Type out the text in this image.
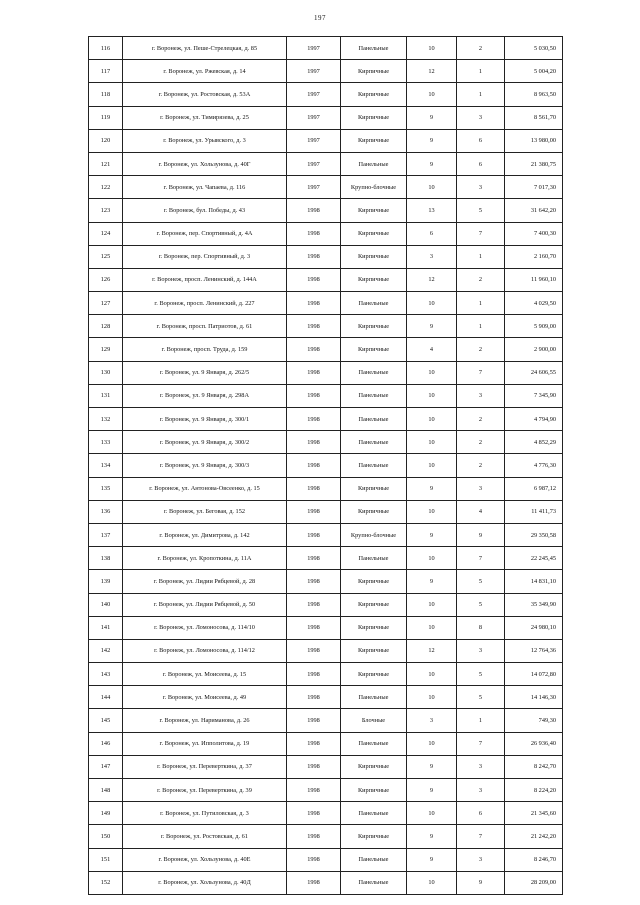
197
116	г. Воронеж, ул. Пеше-Стрелецкая, д. 85	1997	Панельные	10	2	5 030,50
117	г. Воронеж, ул. Ржевская, д. 14	1997	Кирпичные	12	1	5 004,20
118	г. Воронеж, ул. Ростовская, д. 53А	1997	Кирпичные	10	1	8 963,50
119	г. Воронеж, ул. Тимирязева, д. 25	1997	Кирпичные	9	3	8 561,70
120	г. Воронеж, ул. Урывского, д. 3	1997	Кирпичные	9	6	13 980,00
121	г. Воронеж, ул. Хользунова, д. 40Г	1997	Панельные	9	6	21 380,75
122	г. Воронеж, ул. Чапаева, д. 116	1997	Крупно-блочные	10	3	7 017,30
123	г. Воронеж, бул. Победы, д. 43	1998	Кирпичные	13	5	31 642,20
124	г. Воронеж, пер. Спортивный, д. 4А	1998	Кирпичные	6	7	7 400,30
125	г. Воронеж, пер. Спортивный, д. 3	1998	Кирпичные	3	1	2 160,70
126	г. Воронеж, просп. Ленинский, д. 144А	1998	Кирпичные	12	2	11 960,10
127	г. Воронеж, просп. Ленинский, д. 227	1998	Панельные	10	1	4 029,50
128	г. Воронеж, просп. Патриотов, д. 61	1998	Кирпичные	9	1	5 909,00
129	г. Воронеж, просп. Труда, д. 159	1998	Кирпичные	4	2	2 900,00
130	г. Воронеж, ул. 9 Января, д. 262/5	1998	Панельные	10	7	24 606,55
131	г. Воронеж, ул. 9 Января, д. 298А	1998	Панельные	10	3	7 345,90
132	г. Воронеж, ул. 9 Января, д. 300/1	1998	Панельные	10	2	4 794,90
133	г. Воронеж, ул. 9 Января, д. 300/2	1998	Панельные	10	2	4 852,29
134	г. Воронеж, ул. 9 Января, д. 300/3	1998	Панельные	10	2	4 776,30
135	г. Воронеж, ул. Антонова-Овсеенко, д. 15	1998	Кирпичные	9	3	6 987,12
136	г. Воронеж, ул. Беговая, д. 152	1998	Кирпичные	10	4	11 411,73
137	г. Воронеж, ул. Димитрова, д. 142	1998	Крупно-блочные	9	9	29 350,58
138	г. Воронеж, ул. Кропоткина, д. 11А	1998	Панельные	10	7	22 245,45
139	г. Воронеж, ул. Лидии Рябцевой, д. 28	1998	Кирпичные	9	5	14 831,10
140	г. Воронеж, ул. Лидии Рябцевой, д. 50	1998	Кирпичные	10	5	35 349,90
141	г. Воронеж, ул. Ломоносова, д. 114/10	1998	Кирпичные	10	8	24 980,10
142	г. Воронеж, ул. Ломоносова, д. 114/12	1998	Кирпичные	12	3	12 764,36
143	г. Воронеж, ул. Моисеева, д. 15	1998	Кирпичные	10	5	14 072,80
144	г. Воронеж, ул. Моисеева, д. 49	1998	Панельные	10	5	14 146,30
145	г. Воронеж, ул. Нариманова, д. 26	1998	Блочные	3	1	749,30
146	г. Воронеж, ул. Ипполитова, д. 19	1998	Панельные	10	7	26 936,40
147	г. Воронеж, ул. Переверткина, д. 37	1998	Кирпичные	9	3	8 242,70
148	г. Воронеж, ул. Переверткина, д. 39	1998	Кирпичные	9	3	8 224,20
149	г. Воронеж, ул. Путиловская, д. 3	1998	Панельные	10	6	21 345,60
150	г. Воронеж, ул. Ростовская, д. 61	1998	Кирпичные	9	7	21 242,20
151	г. Воронеж, ул. Хользунова, д. 40Е	1998	Панельные	9	3	8 246,70
152	г. Воронеж, ул. Хользунова, д. 40Д	1998	Панельные	10	9	28 209,00
